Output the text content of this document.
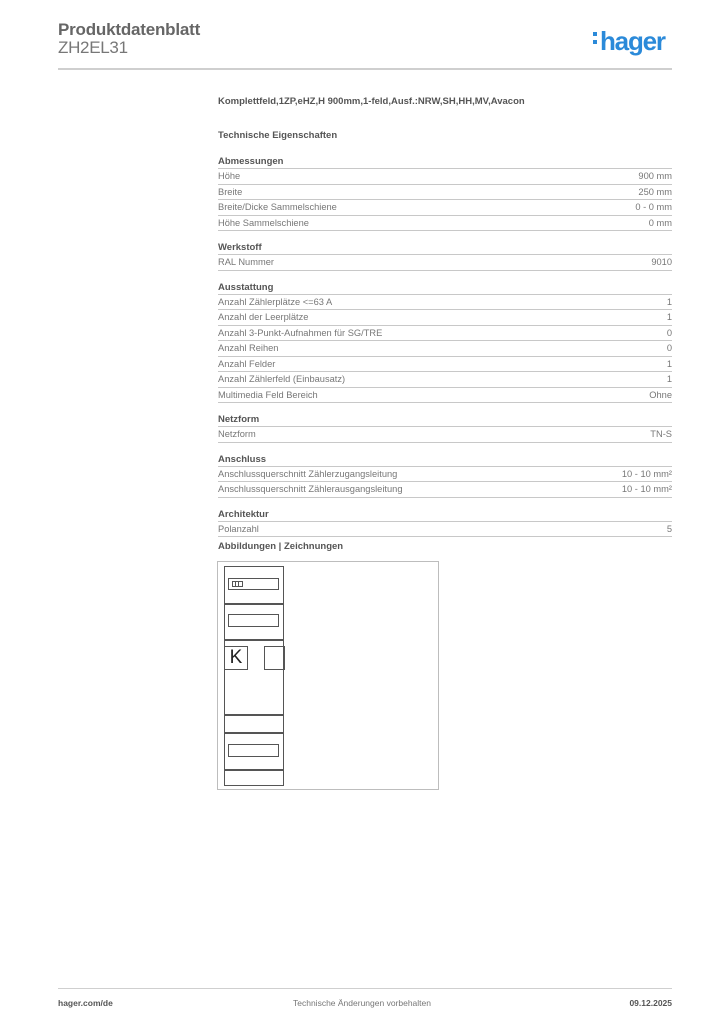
Produktdatenblatt
ZH2EL31	hager
Komplettfeld,1ZP,eHZ,H 900mm,1-feld,Ausf.:NRW,SH,HH,MV,Avacon
Technische Eigenschaften
Abmessungen
Höhe	900 mm
Breite	250 mm
Breite/Dicke Sammelschiene	0 - 0 mm
Höhe Sammelschiene	0 mm
Werkstoff
RAL Nummer	9010
Ausstattung
Anzahl Zählerplätze <=63 A	1
Anzahl der Leerplätze	1
Anzahl 3-Punkt-Aufnahmen für SG/TRE	0
Anzahl Reihen	0
Anzahl Felder	1
Anzahl Zählerfeld (Einbausatz)	1
Multimedia Feld Bereich	Ohne
Netzform
Netzform	TN-S
Anschluss
Anschlussquerschnitt Zählerzugangsleitung	10 - 10 mm²
Anschlussquerschnitt Zählerausgangsleitung	10 - 10 mm²
Architektur
Polanzahl	5
Abbildungen | Zeichnungen
K
hager.com/de	Technische Änderungen vorbehalten	09.12.2025
